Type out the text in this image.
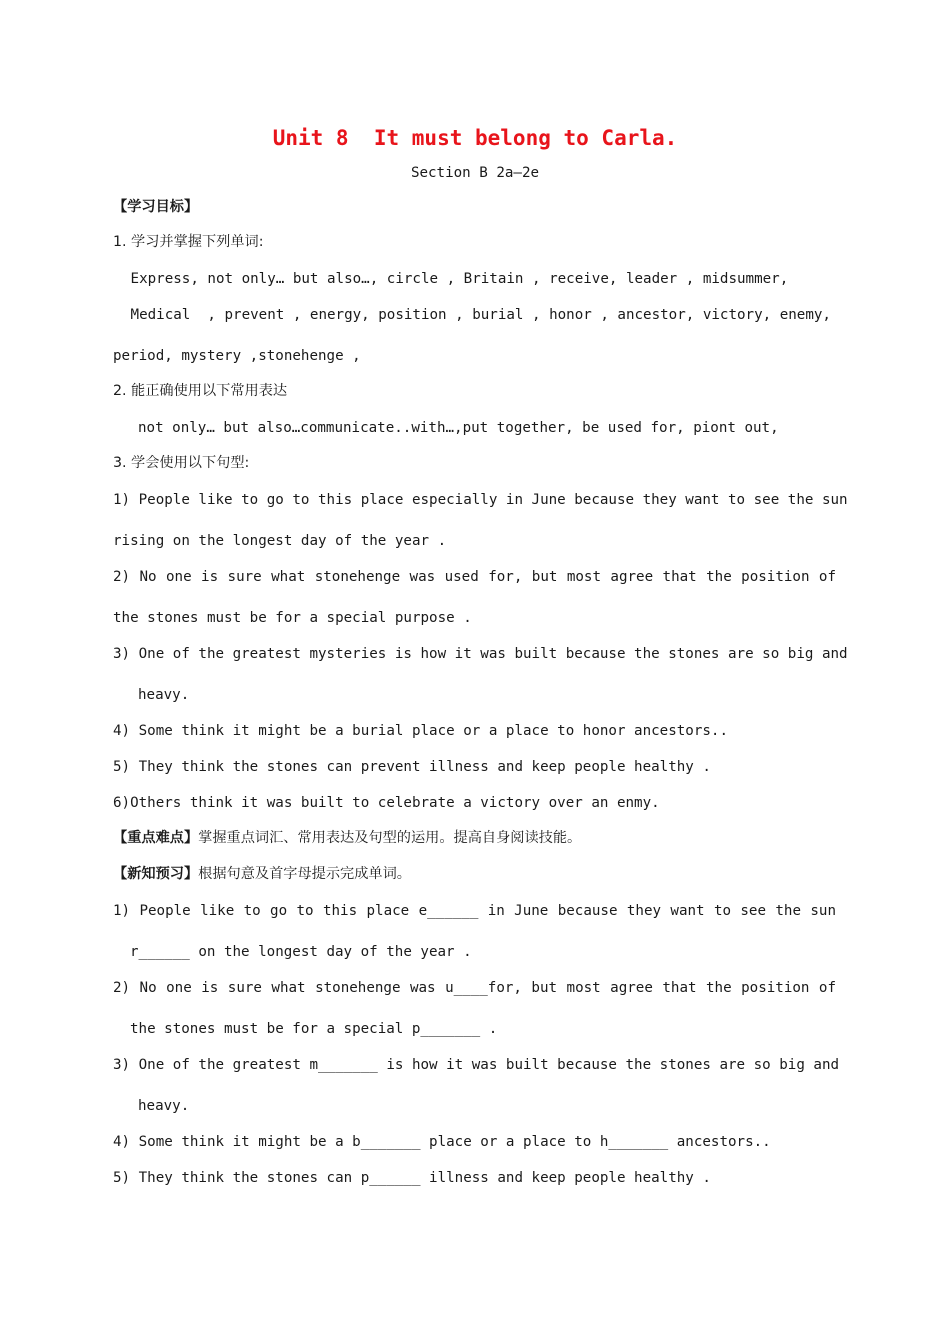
Unit 8  It must belong to Carla.
Section B 2a—2e
【学习目标】
1. 学习并掌握下列单词:
Express, not only… but also…, circle , Britain , receive, leader , midsummer,
Medical  , prevent , energy, position , burial , honor , ancestor, victory, enemy,
period, mystery ,stonehenge ,
2. 能正确使用以下常用表达
not only… but also…communicate..with…,put together, be used for, piont out,
3. 学会使用以下句型:
1) People like to go to this place especially in June because they want to see the sun
rising on the longest day of the year .
2) No one is sure what stonehenge was used for, but most agree that the position of
the stones must be for a special purpose .
3) One of the greatest mysteries is how it was built because the stones are so big and
heavy.
4) Some think it might be a burial place or a place to honor ancestors..
5) They think the stones can prevent illness and keep people healthy .
6)Others think it was built to celebrate a victory over an enmy.
【重点难点】掌握重点词汇、常用表达及句型的运用。提高自身阅读技能。
【新知预习】根据句意及首字母提示完成单词。
1) People like to go to this place e______ in June because they want to see the sun
r______ on the longest day of the year .
2) No one is sure what stonehenge was u____for, but most agree that the position of
the stones must be for a special p_______ .
3) One of the greatest m_______ is how it was built because the stones are so big and
heavy.
4) Some think it might be a b_______ place or a place to h_______ ancestors..
5) They think the stones can p______ illness and keep people healthy .
